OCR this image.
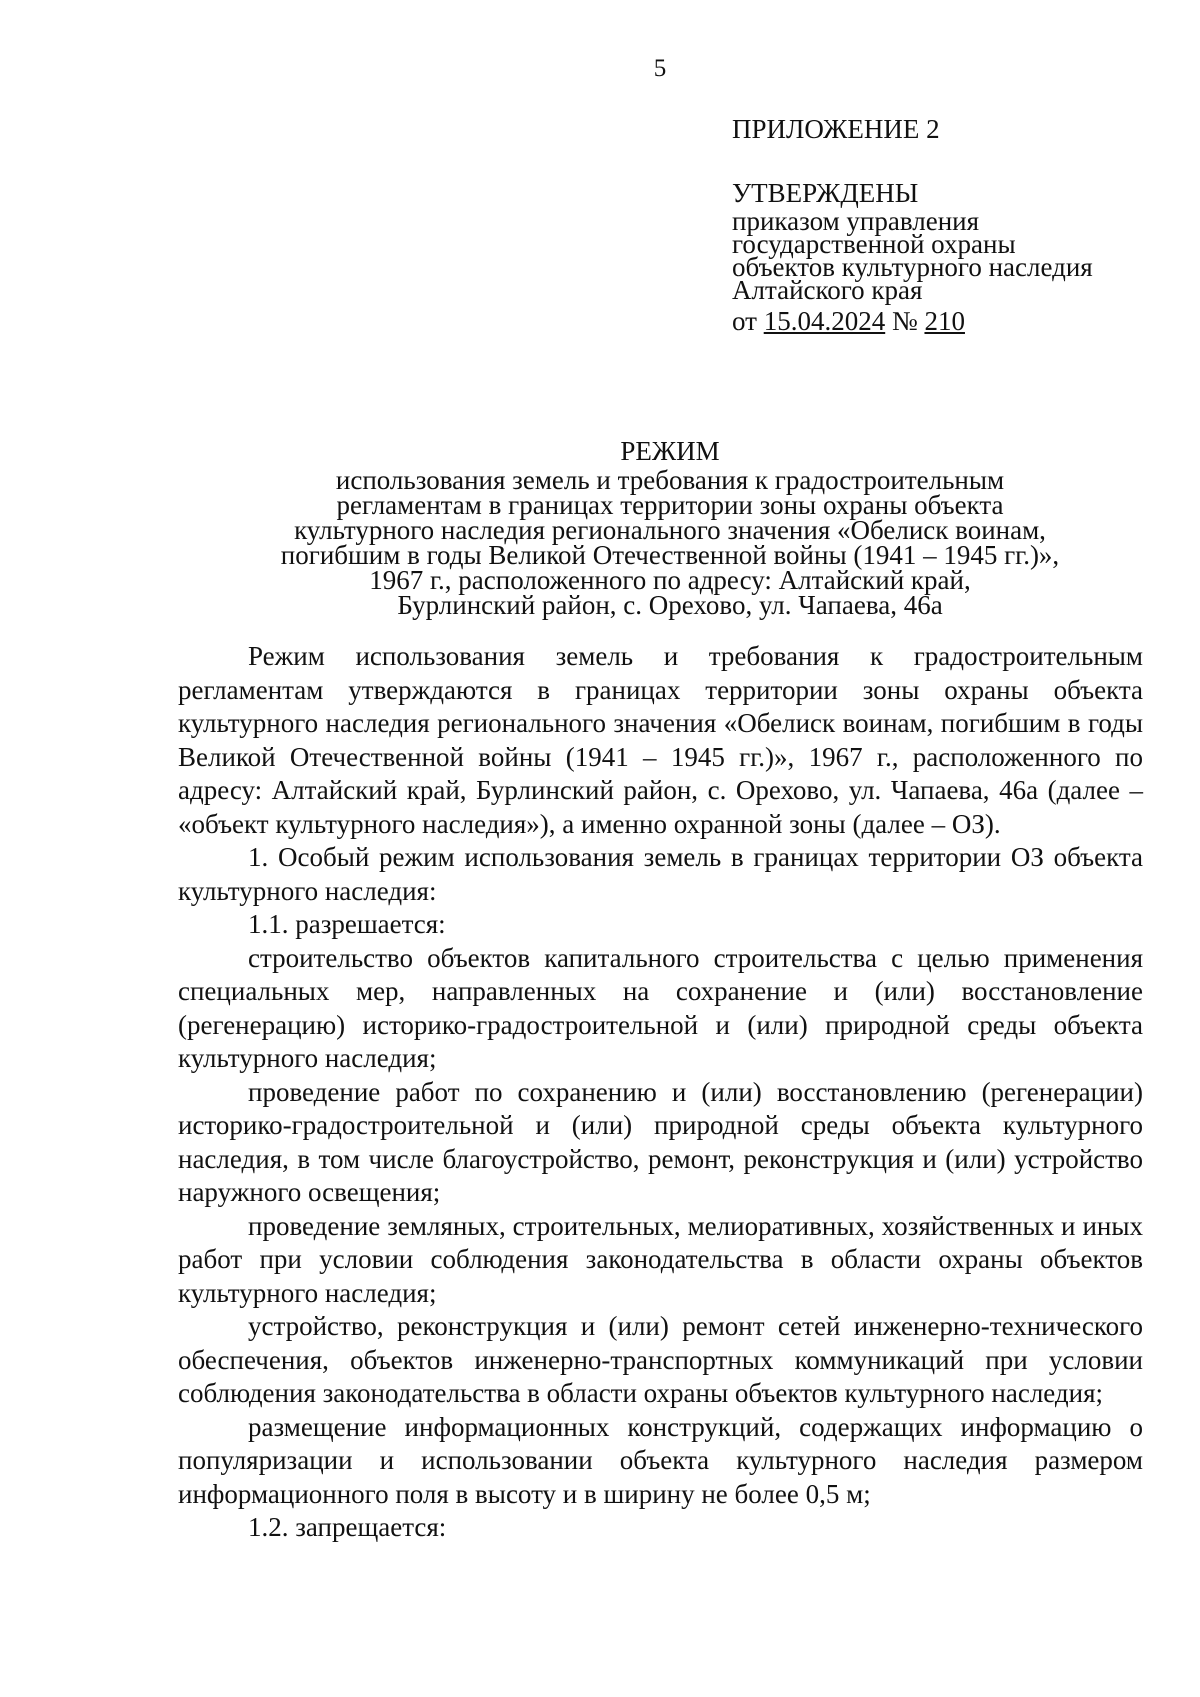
5
ПРИЛОЖЕНИЕ 2
УТВЕРЖДЕНЫ
приказом управления
государственной охраны
объектов культурного наследия
Алтайского края
от 15.04.2024 № 210
РЕЖИМ
использования земель и требования к градостроительным
регламентам в границах территории зоны охраны объекта
культурного наследия регионального значения «Обелиск воинам,
погибшим в годы Великой Отечественной войны (1941 – 1945 гг.)»,
1967 г., расположенного по адресу: Алтайский край,
Бурлинский район, с. Орехово, ул. Чапаева, 46а

Режим использования земель и требования к градостроительным регламентам утверждаются в границах территории зоны охраны объекта культурного наследия регионального значения «Обелиск воинам, погибшим в годы Великой Отечественной войны (1941 – 1945 гг.)», 1967 г., расположенного по адресу: Алтайский край, Бурлинский район, с. Орехово, ул. Чапаева, 46а (далее – «объект культурного наследия»), а именно охранной зоны (далее – ОЗ).

1. Особый режим использования земель в границах территории ОЗ объекта культурного наследия:

1.1. разрешается:

строительство объектов капитального строительства с целью применения специальных мер, направленных на сохранение и (или) восстановление (регенерацию) историко-градостроительной и (или) природной среды объекта культурного наследия;

проведение работ по сохранению и (или) восстановлению (регенерации) историко-градостроительной и (или) природной среды объекта культурного наследия, в том числе благоустройство, ремонт, реконструкция и (или) устройство наружного освещения;

проведение земляных, строительных, мелиоративных, хозяйственных и иных работ при условии соблюдения законодательства в области охраны объектов культурного наследия;

устройство, реконструкция и (или) ремонт сетей инженерно-технического обеспечения, объектов инженерно-транспортных коммуникаций при условии соблюдения законодательства в области охраны объектов культурного наследия;

размещение информационных конструкций, содержащих информацию о популяризации и использовании объекта культурного наследия размером информационного поля в высоту и в ширину не более 0,5 м;

1.2. запрещается:
